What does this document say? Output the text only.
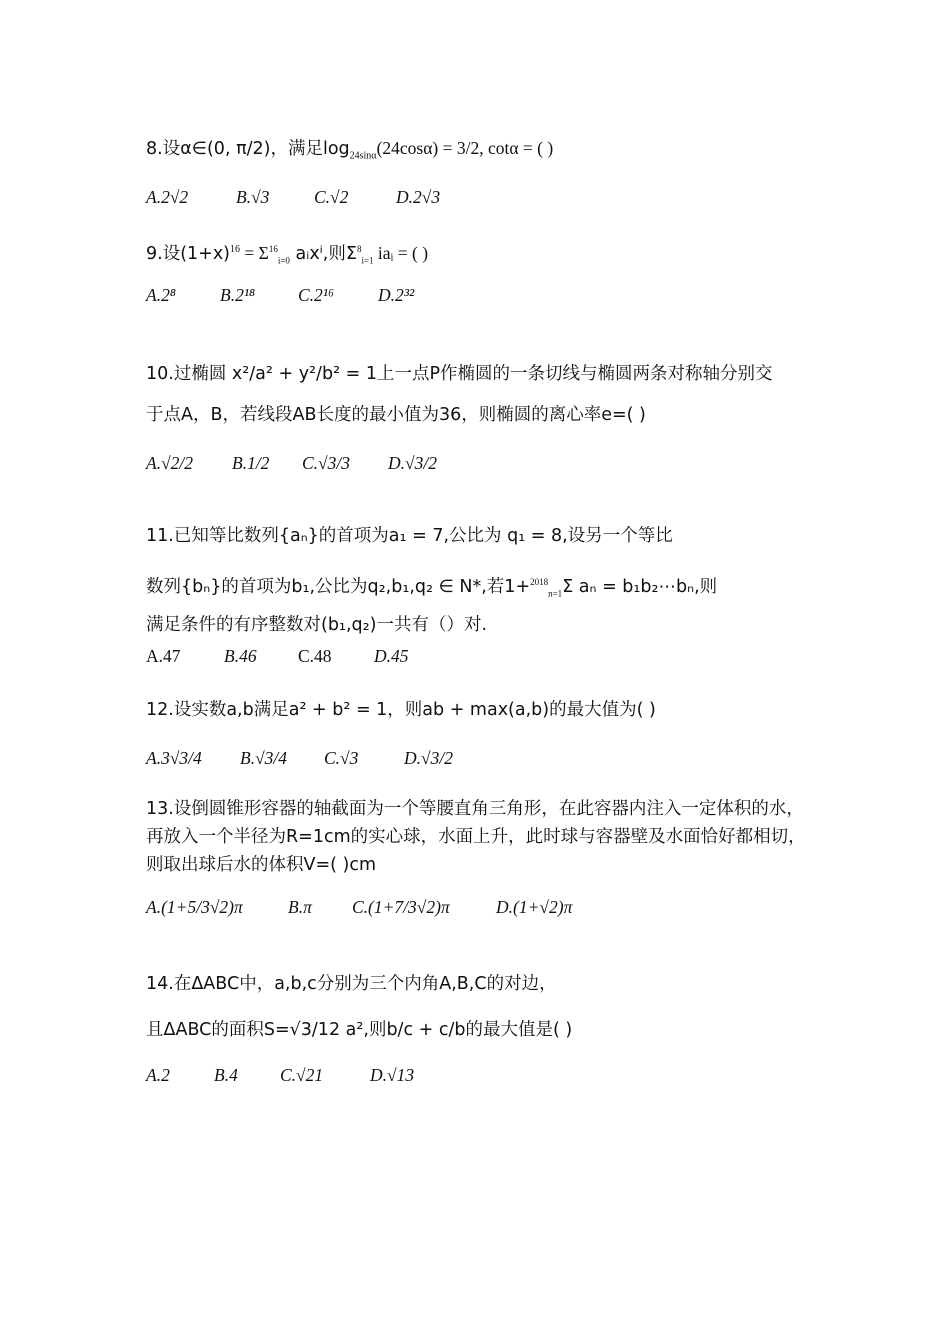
8.设α∈(0, π/2)，满足$\log_{24sin\alpha}(24\cos\alpha) = 3/2$, cotα = ( )
A.2√2	B.√3	C.√2	D.2√3
9.设$(1+x)^{16} = \Sigma^{16}_{i=0}$ aᵢxⁱ,则$\Sigma^8_{i=1}$ iaᵢ = ( )
A.2⁸	B.2¹⁸ C.2¹⁶	D.2³²
10.过椭圆 x²/a² + y²/b² = 1上一点P作椭圆的一条切线与椭圆两条对称轴分别交
于点A，B，若线段AB长度的最小值为36，则椭圆的离心率e=( )
A.√2/2 B.1/2 C.√3/3 D.√3/2
11.已知等比数列{aₙ}的首项为a₁ = 7,公比为 q₁ = 8,设另一个等比
数列{bₙ}的首项为b₁,公比为q₂,b₁,q₂ ∈ N*,若1+$^{2018}_{n=1}$Σ aₙ = b₁b₂⋯bₙ,则
满足条件的有序整数对(b₁,q₂)一共有（）对.
A.47 B.46 C.48 D.45
12.设实数a,b满足a² + b² = 1，则ab + max(a,b)的最大值为( )
A.3√3/4 B.√3/4 C.√3	D.√3/2
13.设倒圆锥形容器的轴截面为一个等腰直角三角形，在此容器内注入一定体积的水，
再放入一个半径为R=1cm的实心球，水面上升，此时球与容器壁及水面恰好都相切，
则取出球后水的体积V=( )cm
A.(1+5/3√2)π	B.π C.(1+7/3√2)π	D.(1+√2)π
14.在ΔABC中，a,b,c分别为三个内角A,B,C的对边，
且ΔABC的面积S=√3/12 a²,则b/c + c/b的最大值是( )
A.2	B.4 C.√21	D.√13
